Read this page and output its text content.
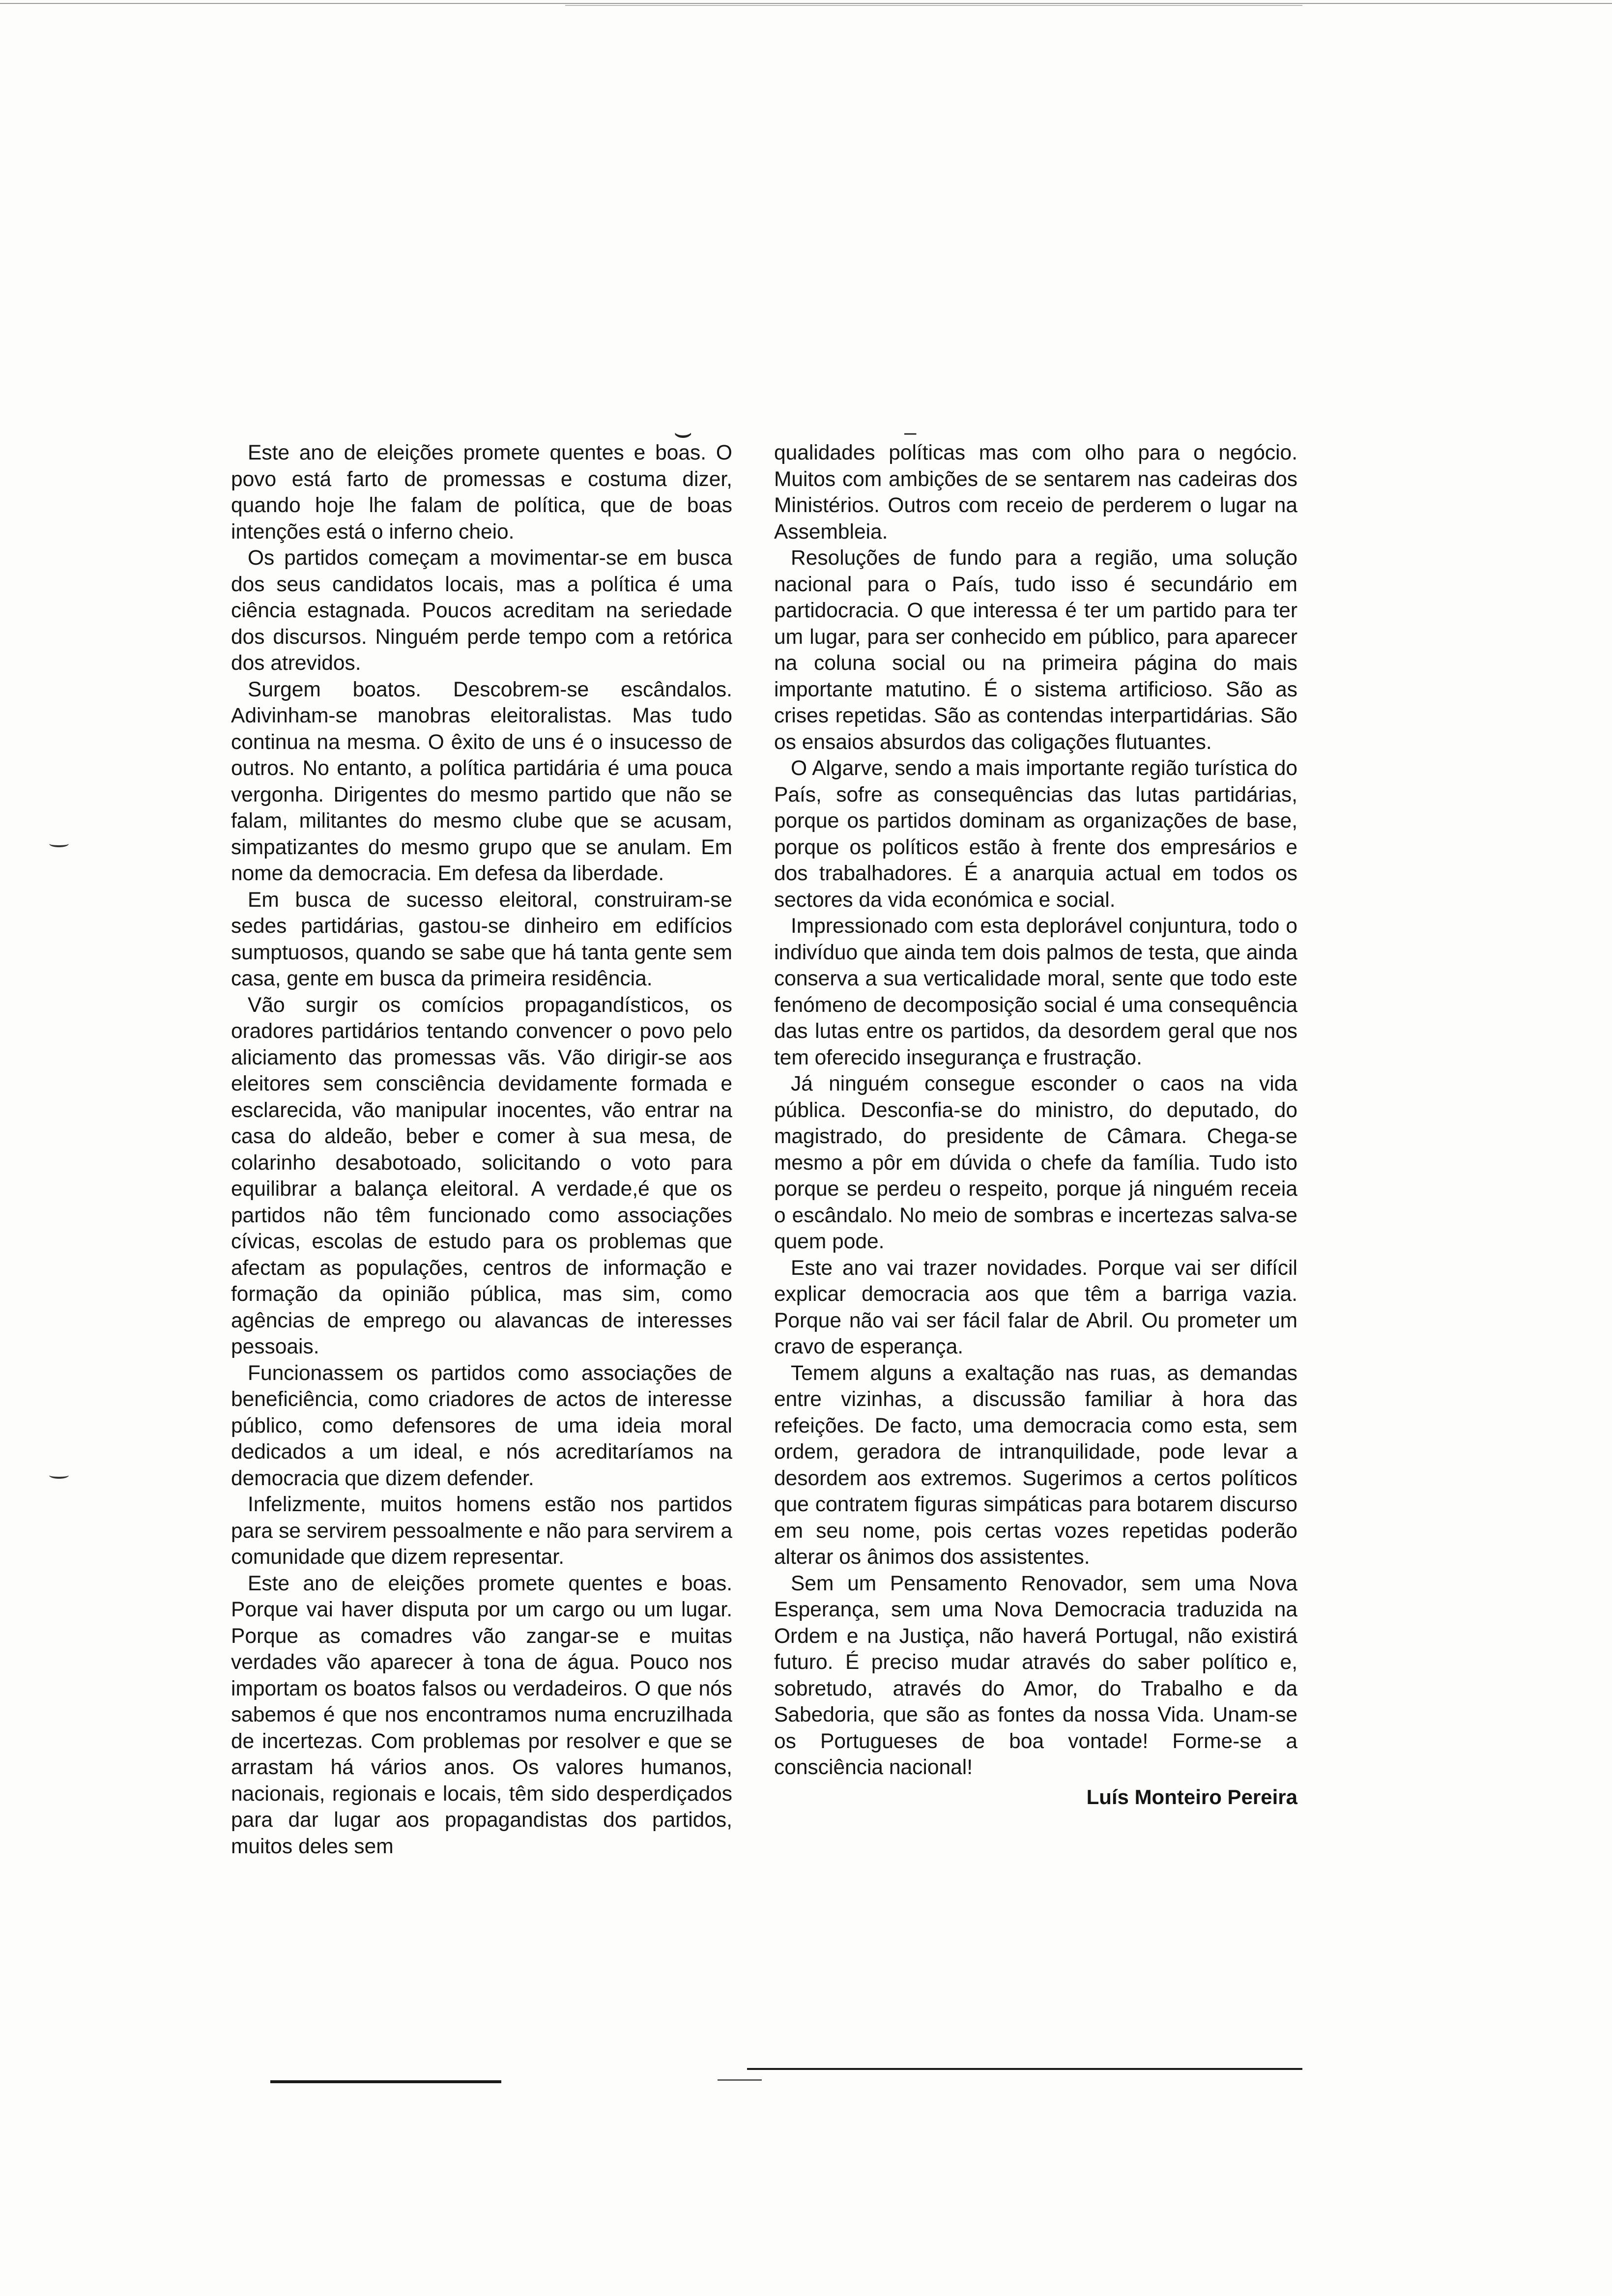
⌣	‒

Este ano de eleições promete quentes e boas. O povo está farto de promessas e costuma dizer, quando hoje lhe falam de política, que de boas intenções está o inferno cheio.

Os partidos começam a movimentar-se em busca dos seus candidatos locais, mas a política é uma ciência estagnada. Poucos acreditam na seriedade dos discursos. Ninguém perde tempo com a retórica dos atrevidos.

Surgem boatos. Descobrem-se escândalos. Adivinham-se manobras eleitoralistas. Mas tudo continua na mesma. O êxito de uns é o insucesso de outros. No entanto, a política partidária é uma pouca vergonha. Dirigentes do mesmo partido que não se falam, militantes do mesmo clube que se acusam, simpatizantes do mesmo grupo que se anulam. Em nome da democracia. Em defesa da liberdade.

Em busca de sucesso eleitoral, construiram-se sedes partidárias, gastou-se dinheiro em edifícios sumptuosos, quando se sabe que há tanta gente sem casa, gente em busca da primeira residência.

Vão surgir os comícios propagandísticos, os oradores partidários tentando convencer o povo pelo aliciamento das promessas vãs. Vão dirigir-se aos eleitores sem consciência devidamente formada e esclarecida, vão manipular inocentes, vão entrar na casa do aldeão, beber e comer à sua mesa, de colarinho desabotoado, solicitando o voto para equilibrar a balança eleitoral. A verdade,é que os partidos não têm funcionado como associações cívicas, escolas de estudo para os problemas que afectam as populações, centros de informação e formação da opinião pública, mas sim, como agências de emprego ou alavancas de interesses pessoais.

Funcionassem os partidos como associações de beneficiência, como criadores de actos de interesse público, como defensores de uma ideia moral dedicados a um ideal, e nós acreditaríamos na democracia que dizem defender.

Infelizmente, muitos homens estão nos partidos para se servirem pessoalmente e não para servirem a comunidade que dizem representar.

Este ano de eleições promete quentes e boas. Porque vai haver disputa por um cargo ou um lugar. Porque as comadres vão zangar-se e muitas verdades vão aparecer à tona de água. Pouco nos importam os boatos falsos ou verdadeiros. O que nós sabemos é que nos encontramos numa encruzilhada de incertezas. Com problemas por resolver e que se arrastam há vários anos. Os valores humanos, nacionais, regionais e locais, têm sido desperdiçados para dar lugar aos propagandistas dos partidos, muitos deles sem

qualidades políticas mas com olho para o negócio. Muitos com ambições de se sentarem nas cadeiras dos Ministérios. Outros com receio de perderem o lugar na Assembleia.

Resoluções de fundo para a região, uma solução nacional para o País, tudo isso é secundário em partidocracia. O que interessa é ter um partido para ter um lugar, para ser conhecido em público, para aparecer na coluna social ou na primeira página do mais importante matutino. É o sistema artificioso. São as crises repetidas. São as contendas interpartidárias. São os ensaios absurdos das coligações flutuantes.

O Algarve, sendo a mais importante região turística do País, sofre as consequências das lutas partidárias, porque os partidos dominam as organizações de base, porque os políticos estão à frente dos empresários e dos trabalhadores. É a anarquia actual em todos os sectores da vida económica e social.

Impressionado com esta deplorável conjuntura, todo o indivíduo que ainda tem dois palmos de testa, que ainda conserva a sua verticalidade moral, sente que todo este fenómeno de decomposição social é uma consequência das lutas entre os partidos, da desordem geral que nos tem oferecido insegurança e frustração.

Já ninguém consegue esconder o caos na vida pública. Desconfia-se do ministro, do deputado, do magistrado, do presidente de Câmara. Chega-se mesmo a pôr em dúvida o chefe da família. Tudo isto porque se perdeu o respeito, porque já ninguém receia o escândalo. No meio de sombras e incertezas salva-se quem pode.

Este ano vai trazer novidades. Porque vai ser difícil explicar democracia aos que têm a barriga vazia. Porque não vai ser fácil falar de Abril. Ou prometer um cravo de esperança.

Temem alguns a exaltação nas ruas, as demandas entre vizinhas, a discussão familiar à hora das refeições. De facto, uma democracia como esta, sem ordem, geradora de intranquilidade, pode levar a desordem aos extremos. Sugerimos a certos políticos que contratem figuras simpáticas para botarem discurso em seu nome, pois certas vozes repetidas poderão alterar os ânimos dos assistentes.

Sem um Pensamento Renovador, sem uma Nova Esperança, sem uma Nova Democracia traduzida na Ordem e na Justiça, não haverá Portugal, não existirá futuro. É preciso mudar através do saber político e, sobretudo, através do Amor, do Trabalho e da Sabedoria, que são as fontes da nossa Vida. Unam-se os Portugueses de boa vontade! Forme-se a consciência nacional!

Luís Monteiro Pereira
